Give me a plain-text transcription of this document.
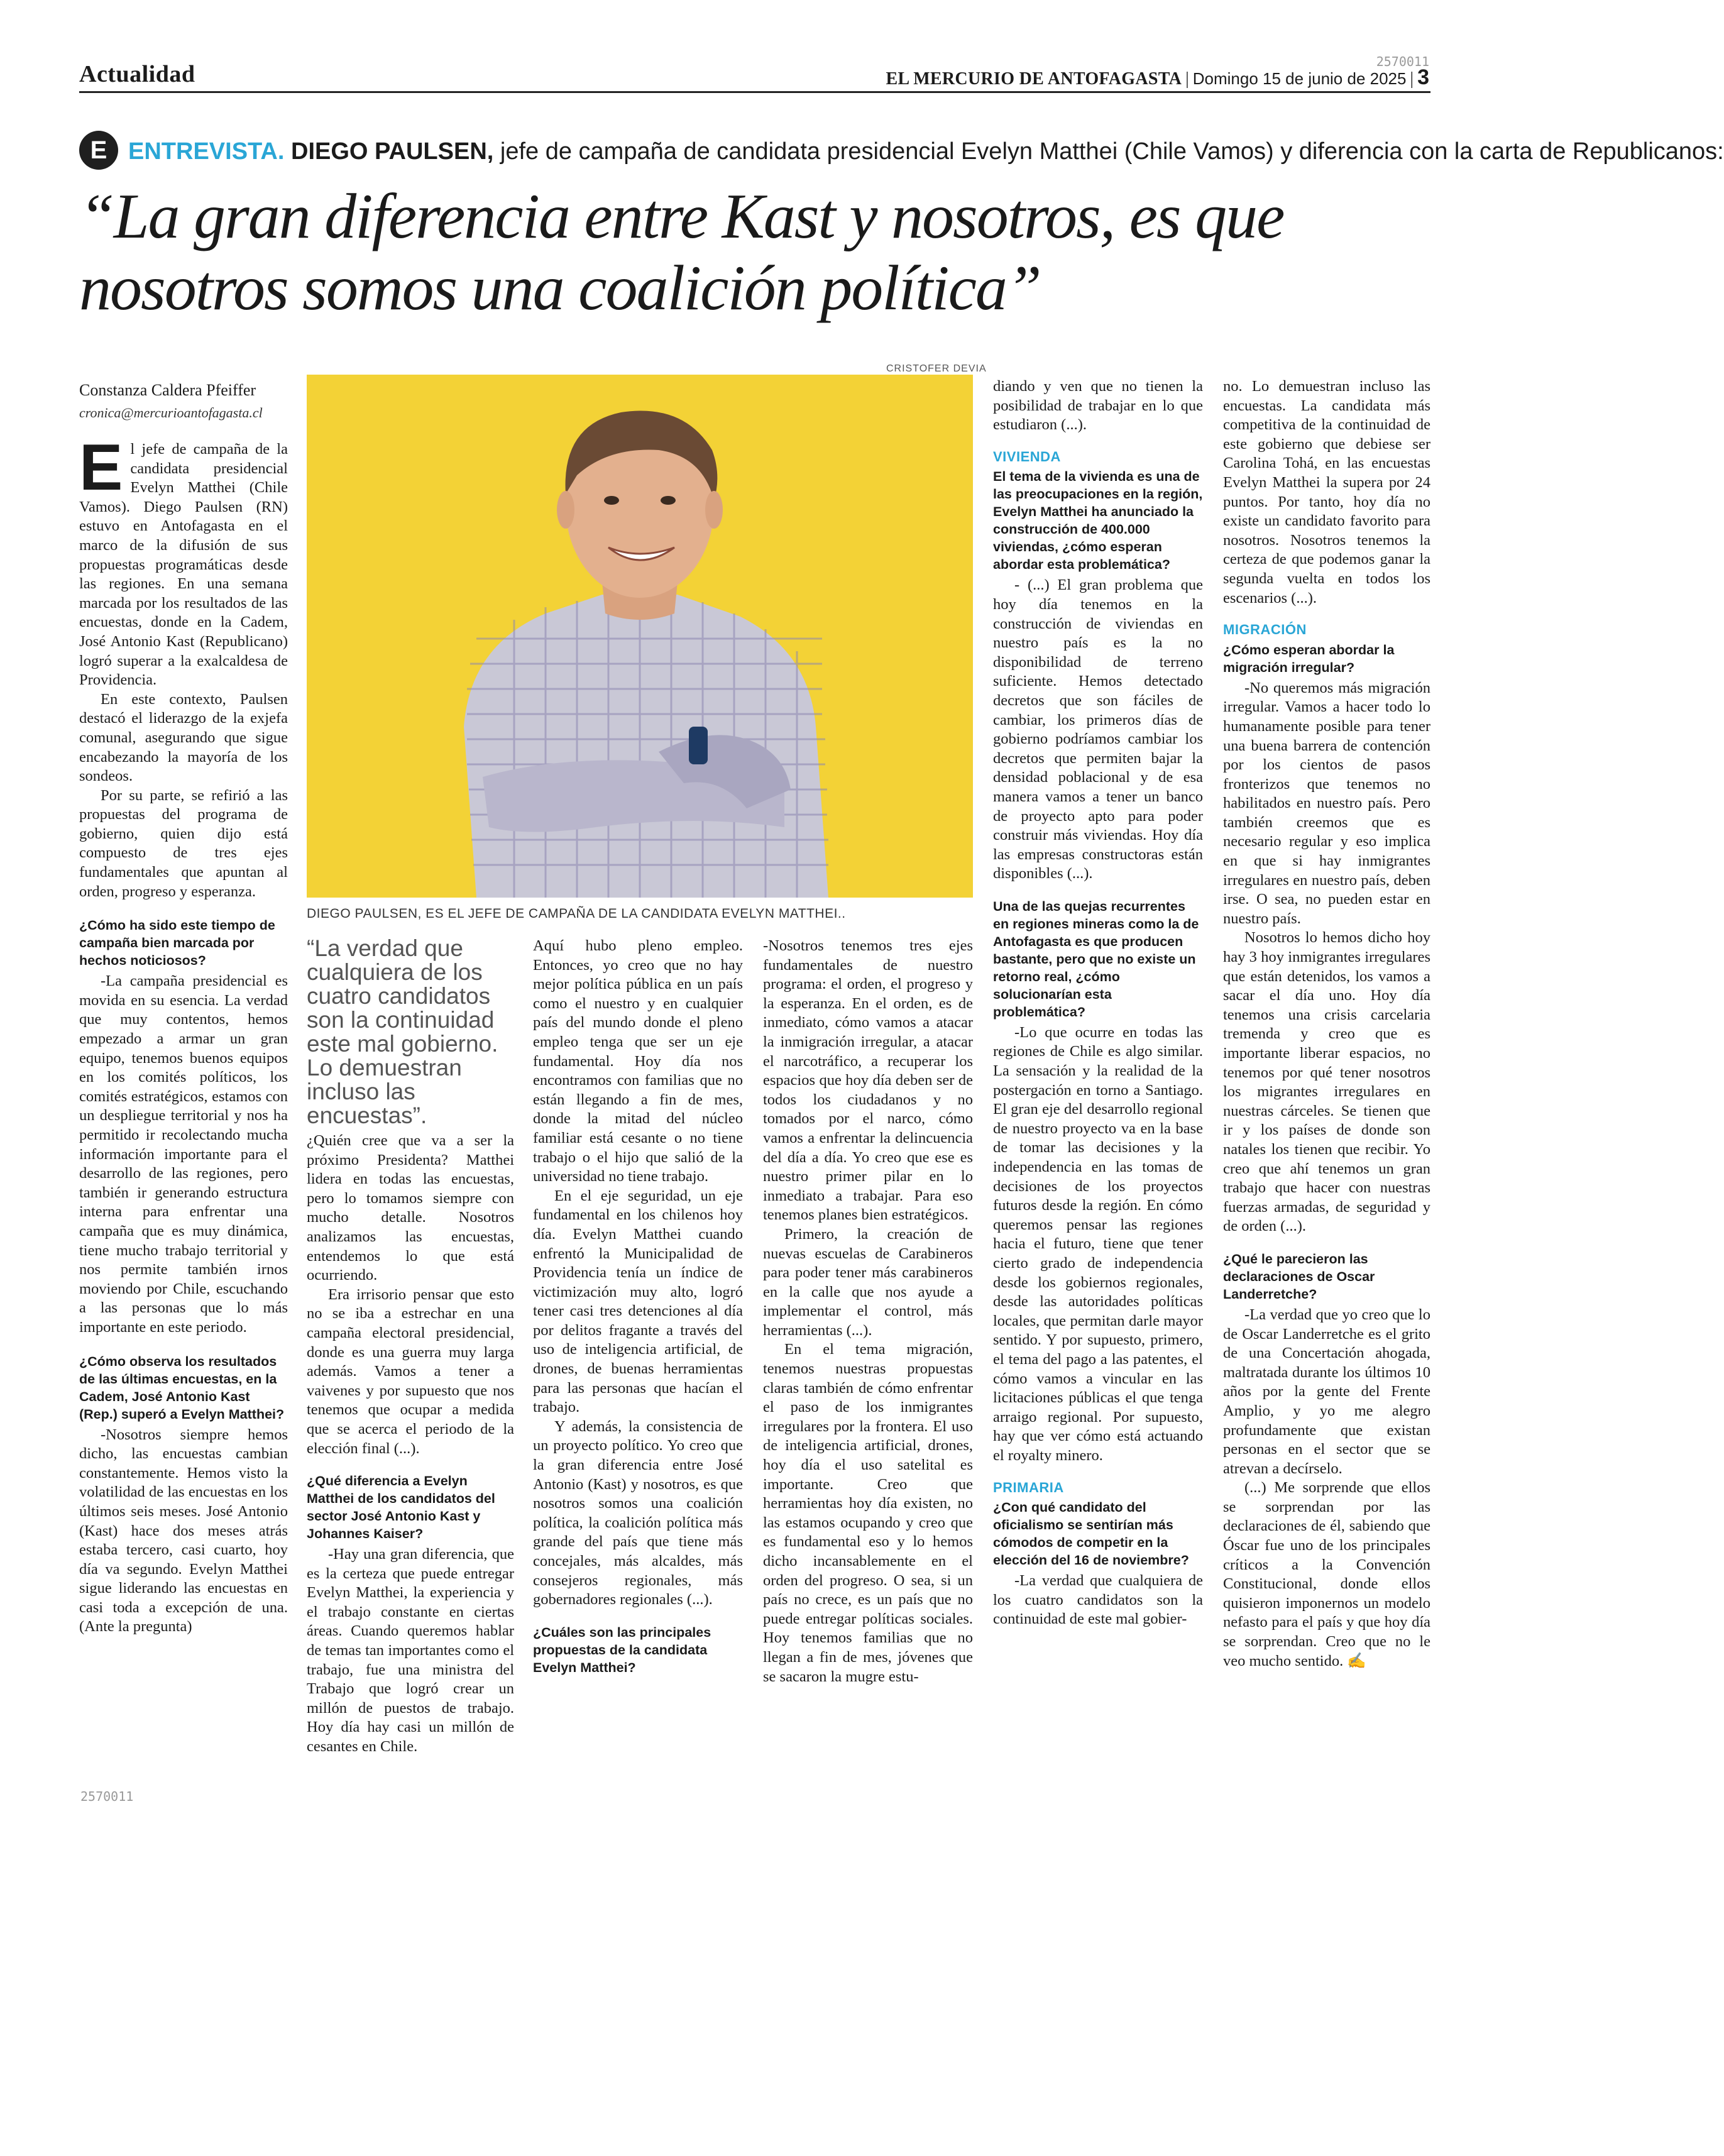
Actualidad	2570011
EL MERCURIO DE ANTOFAGASTA | Domingo 15 de junio de 2025 | 3
E ENTREVISTA. DIEGO PAULSEN, jefe de campaña de candidata presidencial Evelyn Matthei (Chile Vamos) y diferencia con la carta de Republicanos:
“La gran diferencia entre Kast y nosotros, es que nosotros somos una coalición política”
Constanza Caldera Pfeiffer
cronica@mercurioantofagasta.cl
CRISTOFER DEVIA
DIEGO PAULSEN, ES EL JEFE DE CAMPAÑA DE LA CANDIDATA EVELYN MATTHEI..

El jefe de campaña de la candidata presidencial Evelyn Matthei (Chile Vamos). Diego Paulsen (RN) estuvo en Antofagasta en el marco de la difusión de sus propuestas programáticas desde las regiones. En una semana marcada por los resultados de las encuestas, donde en la Cadem, José Antonio Kast (Republicano) logró superar a la exalcaldesa de Providencia.

En este contexto, Paulsen destacó el liderazgo de la exjefa comunal, asegurando que sigue encabezando la mayoría de los sondeos.

Por su parte, se refirió a las propuestas del programa de gobierno, quien dijo está compuesto de tres ejes fundamentales que apuntan al orden, progreso y esperanza.

¿Cómo ha sido este tiempo de campaña bien marcada por hechos noticiosos?

-La campaña presidencial es movida en su esencia. La verdad que muy contentos, hemos empezado a armar un gran equipo, tenemos buenos equipos en los comités políticos, los comités estratégicos, estamos con un despliegue territorial y nos ha permitido ir recolectando mucha información importante para el desarrollo de las regiones, pero también ir generando estructura interna para enfrentar una campaña que es muy dinámica, tiene mucho trabajo territorial y nos permite también irnos moviendo por Chile, escuchando a las personas que lo más importante en este periodo.

¿Cómo observa los resultados de las últimas encuestas, en la Cadem, José Antonio Kast (Rep.) superó a Evelyn Matthei?

-Nosotros siempre hemos dicho, las encuestas cambian constantemente. Hemos visto la volatilidad de las encuestas en los últimos seis meses. José Antonio (Kast) hace dos meses atrás estaba tercero, casi cuarto, hoy día va segundo. Evelyn Matthei sigue liderando las encuestas en casi toda a excepción de una. (Ante la pregunta)

“La verdad que cualquiera de los cuatro candidatos son la continuidad este mal gobierno. Lo demuestran incluso las encuestas”.

¿Quién cree que va a ser la próximo Presidenta? Matthei lidera en todas las encuestas, pero lo tomamos siempre con mucho detalle. Nosotros analizamos las encuestas, entendemos lo que está ocurriendo.

Era irrisorio pensar que esto no se iba a estrechar en una campaña electoral presidencial, donde es una guerra muy larga además. Vamos a tener a vaivenes y por supuesto que nos tenemos que ocupar a medida que se acerca el periodo de la elección final (...).

¿Qué diferencia a Evelyn Matthei de los candidatos del sector José Antonio Kast y Johannes Kaiser?

-Hay una gran diferencia, que es la certeza que puede entregar Evelyn Matthei, la experiencia y el trabajo constante en ciertas áreas. Cuando queremos hablar de temas tan importantes como el trabajo, fue una ministra del Trabajo que logró crear un millón de puestos de trabajo. Hoy día hay casi un millón de cesantes en Chile.

Aquí hubo pleno empleo. Entonces, yo creo que no hay mejor política pública en un país como el nuestro y en cualquier país del mundo donde el pleno empleo tenga que ser un eje fundamental. Hoy día nos encontramos con familias que no están llegando a fin de mes, donde la mitad del núcleo familiar está cesante o no tiene trabajo o el hijo que salió de la universidad no tiene trabajo.

En el eje seguridad, un eje fundamental en los chilenos hoy día. Evelyn Matthei cuando enfrentó la Municipalidad de Providencia tenía un índice de victimización muy alto, logró tener casi tres detenciones al día por delitos fragante a través del uso de inteligencia artificial, de drones, de buenas herramientas para las personas que hacían el trabajo.

Y además, la consistencia de un proyecto político. Yo creo que la gran diferencia entre José Antonio (Kast) y nosotros, es que nosotros somos una coalición política, la coalición política más grande del país que tiene más concejales, más alcaldes, más consejeros regionales, más gobernadores regionales (...).

¿Cuáles son las principales propuestas de la candidata Evelyn Matthei?

-Nosotros tenemos tres ejes fundamentales de nuestro programa: el orden, el progreso y la esperanza. En el orden, es de inmediato, cómo vamos a atacar la inmigración irregular, a atacar el narcotráfico, a recuperar los espacios que hoy día deben ser de todos los ciudadanos y no tomados por el narco, cómo vamos a enfrentar la delincuencia del día a día. Yo creo que ese es nuestro primer pilar en lo inmediato a trabajar. Para eso tenemos planes bien estratégicos.

Primero, la creación de nuevas escuelas de Carabineros para poder tener más carabineros en la calle que nos ayude a implementar el control, más herramientas (...).

En el tema migración, tenemos nuestras propuestas claras también de cómo enfrentar el paso de los inmigrantes irregulares por la frontera. El uso de inteligencia artificial, drones, hoy día el uso satelital es importante. Creo que herramientas hoy día existen, no las estamos ocupando y creo que es fundamental eso y lo hemos dicho incansablemente en el orden del progreso. O sea, si un país no crece, es un país que no puede entregar políticas sociales. Hoy tenemos familias que no llegan a fin de mes, jóvenes que se sacaron la mugre estu-

diando y ven que no tienen la posibilidad de trabajar en lo que estudiaron (...).

VIVIENDA

El tema de la vivienda es una de las preocupaciones en la región, Evelyn Matthei ha anunciado la construcción de 400.000 viviendas, ¿cómo esperan abordar esta problemática?

- (...) El gran problema que hoy día tenemos en la construcción de viviendas en nuestro país es la no disponibilidad de terreno suficiente. Hemos detectado decretos que son fáciles de cambiar, los primeros días de gobierno podríamos cambiar los decretos que permiten bajar la densidad poblacional y de esa manera vamos a tener un banco de proyecto apto para poder construir más viviendas. Hoy día las empresas constructoras están disponibles (...).

Una de las quejas recurrentes en regiones mineras como la de Antofagasta es que producen bastante, pero que no existe un retorno real, ¿cómo solucionarían esta problemática?

-Lo que ocurre en todas las regiones de Chile es algo similar. La sensación y la realidad de la postergación en torno a Santiago. El gran eje del desarrollo regional de nuestro proyecto va en la base de tomar las decisiones y la independencia en las tomas de decisiones de los proyectos futuros desde la región. En cómo queremos pensar las regiones hacia el futuro, tiene que tener cierto grado de independencia desde los gobiernos regionales, desde las autoridades políticas locales, que permitan darle mayor sentido. Y por supuesto, primero, el tema del pago a las patentes, el cómo vamos a vincular en las licitaciones públicas el que tenga arraigo regional. Por supuesto, hay que ver cómo está actuando el royalty minero.

PRIMARIA

¿Con qué candidato del oficialismo se sentirían más cómodos de competir en la elección del 16 de noviembre?

-La verdad que cualquiera de los cuatro candidatos son la continuidad de este mal gobier-

no. Lo demuestran incluso las encuestas. La candidata más competitiva de la continuidad de este gobierno que debiese ser Carolina Tohá, en las encuestas Evelyn Matthei la supera por 24 puntos. Por tanto, hoy día no existe un candidato favorito para nosotros. Nosotros tenemos la certeza de que podemos ganar la segunda vuelta en todos los escenarios (...).

MIGRACIÓN

¿Cómo esperan abordar la migración irregular?

-No queremos más migración irregular. Vamos a hacer todo lo humanamente posible para tener una buena barrera de contención por los cientos de pasos fronterizos que tenemos no habilitados en nuestro país. Pero también creemos que es necesario regular y eso implica en que si hay inmigrantes irregulares en nuestro país, deben irse. O sea, no pueden estar en nuestro país.

Nosotros lo hemos dicho hoy hay 3 hoy inmigrantes irregulares que están detenidos, los vamos a sacar el día uno. Hoy día tenemos una crisis carcelaria tremenda y creo que es importante liberar espacios, no tenemos por qué tener nosotros los migrantes irregulares en nuestras cárceles. Se tienen que ir y los países de donde son natales los tienen que recibir. Yo creo que ahí tenemos un gran trabajo que hacer con nuestras fuerzas armadas, de seguridad y de orden (...).

¿Qué le parecieron las declaraciones de Oscar Landerretche?

-La verdad que yo creo que lo de Oscar Landerretche es el grito de una Concertación ahogada, maltratada durante los últimos 10 años por la gente del Frente Amplio, y yo me alegro profundamente que existan personas en el sector que se atrevan a decírselo.

(...) Me sorprende que ellos se sorprendan por las declaraciones de él, sabiendo que Óscar fue uno de los principales críticos a la Convención Constitucional, donde ellos quisieron imponernos un modelo nefasto para el país y que hoy día se sorprendan. Creo que no le veo mucho sentido. ✍

2570011
